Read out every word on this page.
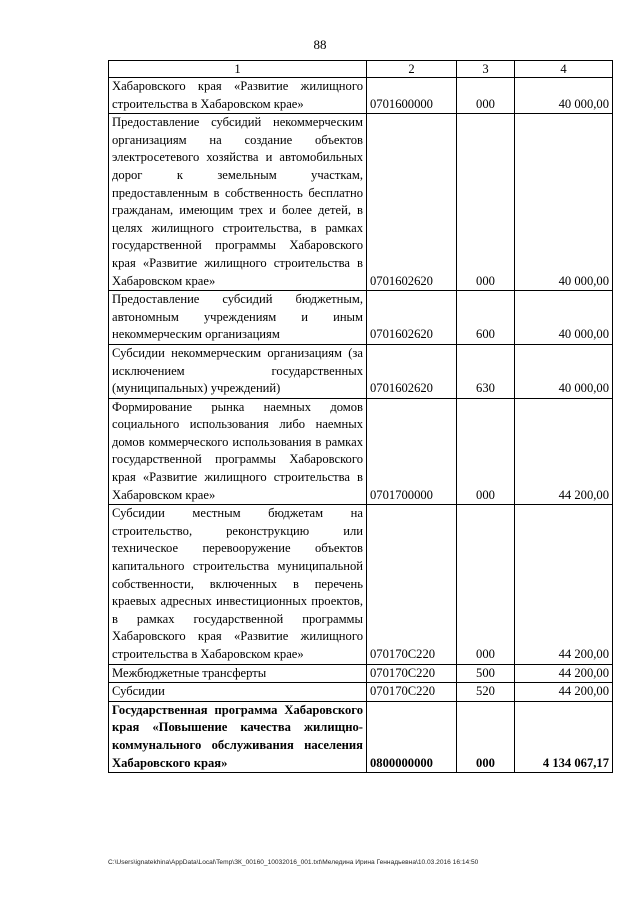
88
1	2	3	4
Хабаровского края «Развитие жилищного строительства в Хабаровском крае»	0701600000	000	40 000,00
Предоставление субсидий некоммерческим организациям на создание объектов электросетевого хозяйства и автомобильных дорог к земельным участкам, предоставленным в собственность бесплатно гражданам, имеющим трех и более детей, в целях жилищного строительства, в рамках государственной программы Хабаровского края «Развитие жилищного строительства в Хабаровском крае»	0701602620	000	40 000,00
Предоставление субсидий бюджетным, автономным учреждениям и иным некоммерческим организациям	0701602620	600	40 000,00
Субсидии некоммерческим организациям (за исключением государственных (муниципальных) учреждений)	0701602620	630	40 000,00
Формирование рынка наемных домов социального использования либо наемных домов коммерческого использования в рамках государственной программы Хабаровского края «Развитие жилищного строительства в Хабаровском крае»	0701700000	000	44 200,00
Субсидии местным бюджетам на строительство, реконструкцию или техническое перевооружение объектов капитального строительства муниципальной собственности, включенных в перечень краевых адресных инвестиционных проектов, в рамках государственной программы Хабаровского края «Развитие жилищного строительства в Хабаровском крае»	070170С220	000	44 200,00
Межбюджетные трансферты	070170С220	500	44 200,00
Субсидии	070170С220	520	44 200,00
Государственная программа Хабаровского края «Повышение качества жилищно-коммунального обслуживания населения Хабаровского края»	0800000000	000	4 134 067,17
C:\Users\ignatekhina\AppData\Local\Temp\ЗК_00160_10032016_001.txt\Меледина Ирина Геннадьевна\10.03.2016 16:14:50
